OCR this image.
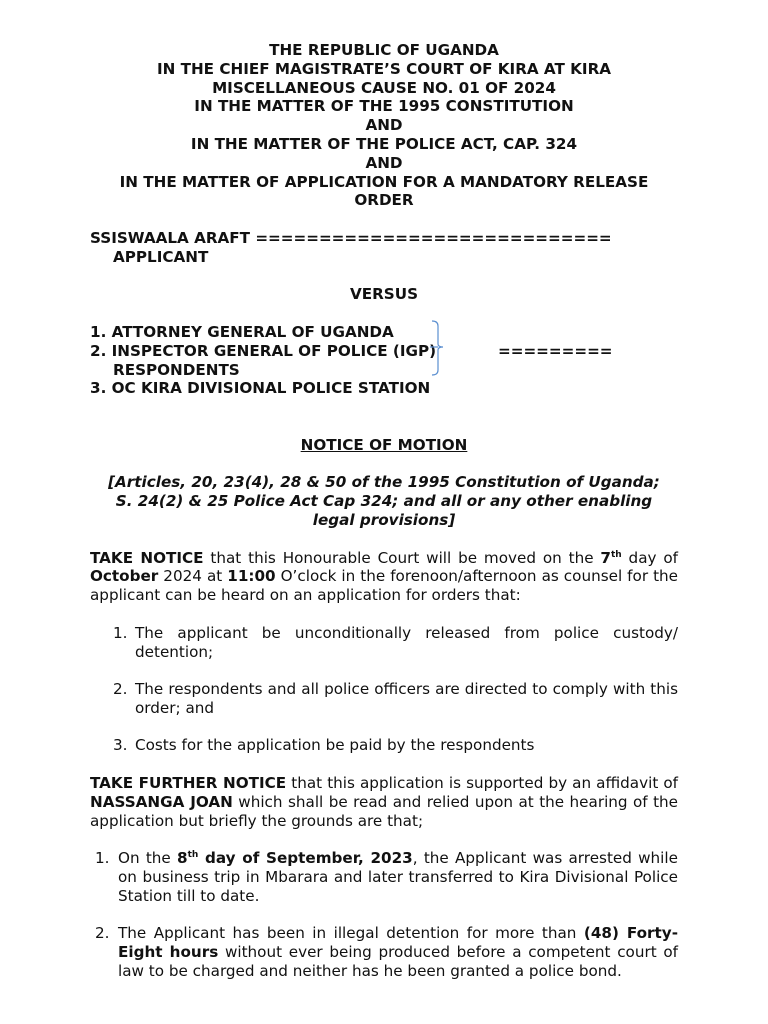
THE REPUBLIC OF UGANDA
IN THE CHIEF MAGISTRATE’S COURT OF KIRA AT KIRA
MISCELLANEOUS CAUSE NO. 01 OF 2024
IN THE MATTER OF THE 1995 CONSTITUTION
AND
IN THE MATTER OF THE POLICE ACT, CAP. 324
AND
IN THE MATTER OF APPLICATION FOR A MANDATORY RELEASE
ORDER
SSISWAALA ARAFT ============================
APPLICANT
VERSUS
1. ATTORNEY GENERAL OF UGANDA
2. INSPECTOR GENERAL OF POLICE (IGP)
RESPONDENTS
3. OC KIRA DIVISIONAL POLICE STATION
=========
NOTICE OF MOTION
[Articles, 20, 23(4), 28 & 50 of the 1995 Constitution of Uganda;
S. 24(2) & 25 Police Act Cap 324; and all or any other enabling
legal provisions]
TAKE NOTICE that this Honourable Court will be moved on the 7th day of October 2024 at 11:00 O’clock in the forenoon/afternoon as counsel for the applicant can be heard on an application for orders that:
1. The applicant be unconditionally released from police custody/ detention;
2. The respondents and all police officers are directed to comply with this order; and
3. Costs for the application be paid by the respondents
TAKE FURTHER NOTICE that this application is supported by an affidavit of NASSANGA JOAN which shall be read and relied upon at the hearing of the application but briefly the grounds are that;
1. On the 8th day of September, 2023, the Applicant was arrested while on business trip in Mbarara and later transferred to Kira Divisional Police Station till to date.
2. The Applicant has been in illegal detention for more than (48) Forty-Eight hours without ever being produced before a competent court of law to be charged and neither has he been granted a police bond.
